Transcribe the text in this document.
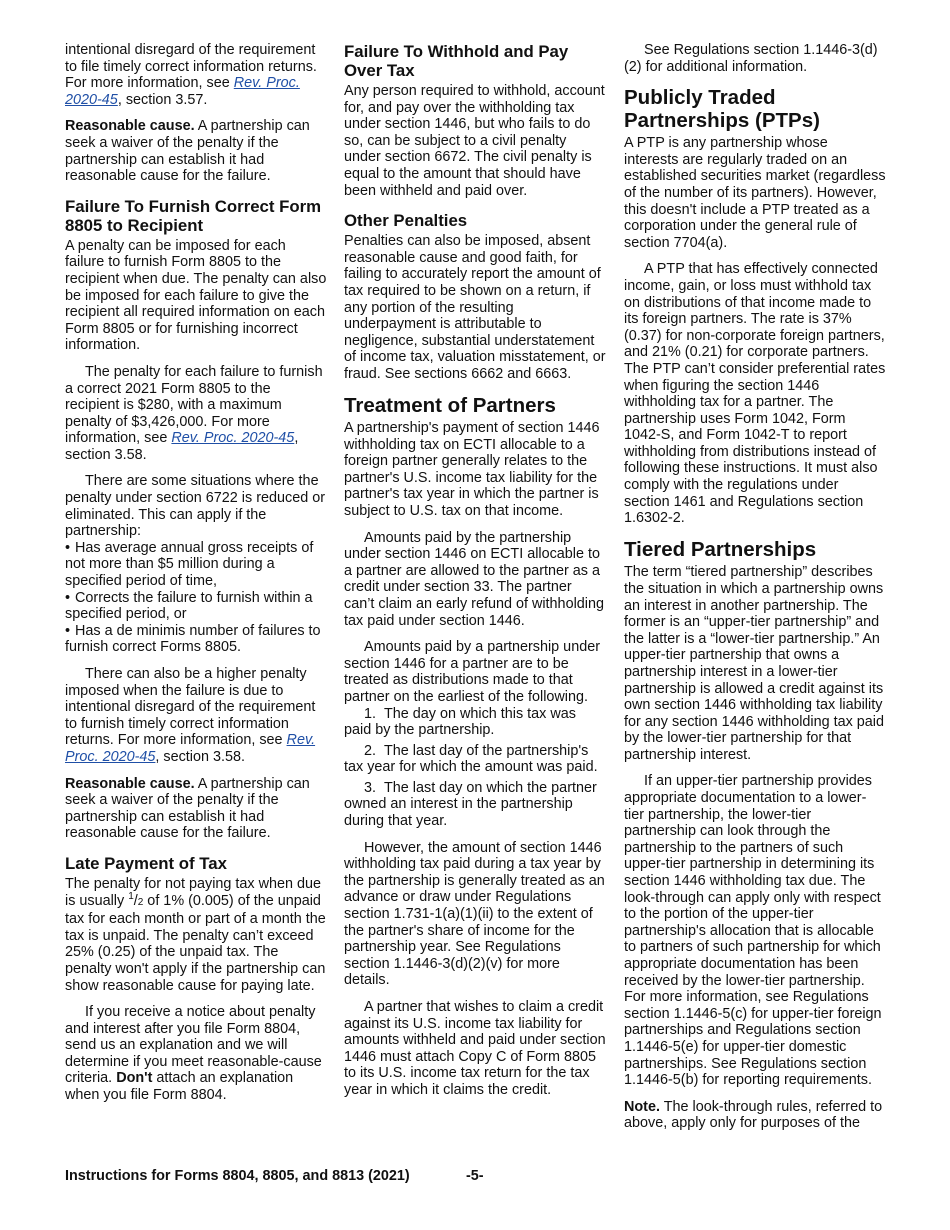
intentional disregard of the requirement to file timely correct information returns. For more information, see Rev. Proc. 2020-45, section 3.57.

Reasonable cause. A partnership can seek a waiver of the penalty if the partnership can establish it had reasonable cause for the failure.

Failure To Furnish Correct Form 8805 to Recipient

A penalty can be imposed for each failure to furnish Form 8805 to the recipient when due. The penalty can also be imposed for each failure to give the recipient all required information on each Form 8805 or for furnishing incorrect information.

The penalty for each failure to furnish a correct 2021 Form 8805 to the recipient is $280, with a maximum penalty of $3,426,000. For more information, see Rev. Proc. 2020-45, section 3.58.

There are some situations where the penalty under section 6722 is reduced or eliminated. This can apply if the partnership:

• Has average annual gross receipts of not more than $5 million during a specified period of time,
• Corrects the failure to furnish within a specified period, or
• Has a de minimis number of failures to furnish correct Forms 8805.

There can also be a higher penalty imposed when the failure is due to intentional disregard of the requirement to furnish timely correct information returns. For more information, see Rev. Proc. 2020-45, section 3.58.

Reasonable cause. A partnership can seek a waiver of the penalty if the partnership can establish it had reasonable cause for the failure.

Late Payment of Tax

The penalty for not paying tax when due is usually $^1$/2 of 1% (0.005) of the unpaid tax for each month or part of a month the tax is unpaid. The penalty can’t exceed 25% (0.25) of the unpaid tax. The penalty won't apply if the partnership can show reasonable cause for paying late.

If you receive a notice about penalty and interest after you file Form 8804, send us an explanation and we will determine if you meet reasonable-cause criteria. Don't attach an explanation when you file Form 8804.

Failure To Withhold and Pay Over Tax

Any person required to withhold, account for, and pay over the withholding tax under section 1446, but who fails to do so, can be subject to a civil penalty under section 6672. The civil penalty is equal to the amount that should have been withheld and paid over.

Other Penalties

Penalties can also be imposed, absent reasonable cause and good faith, for failing to accurately report the amount of tax required to be shown on a return, if any portion of the resulting underpayment is attributable to negligence, substantial understatement of income tax, valuation misstatement, or fraud. See sections 6662 and 6663.

Treatment of Partners

A partnership's payment of section 1446 withholding tax on ECTI allocable to a foreign partner generally relates to the partner's U.S. income tax liability for the partner's tax year in which the partner is subject to U.S. tax on that income.

Amounts paid by the partnership under section 1446 on ECTI allocable to a partner are allowed to the partner as a credit under section 33. The partner can’t claim an early refund of withholding tax paid under section 1446.

Amounts paid by a partnership under section 1446 for a partner are to be treated as distributions made to that partner on the earliest of the following.

1.  The day on which this tax was paid by the partnership.
2.  The last day of the partnership's tax year for which the amount was paid.
3.  The last day on which the partner owned an interest in the partnership during that year.

However, the amount of section 1446 withholding tax paid during a tax year by the partnership is generally treated as an advance or draw under Regulations section 1.731-1(a)(1)(ii) to the extent of the partner's share of income for the partnership year. See Regulations section 1.1446-3(d)(2)(v) for more details.

A partner that wishes to claim a credit against its U.S. income tax liability for amounts withheld and paid under section 1446 must attach Copy C of Form 8805 to its U.S. income tax return for the tax year in which it claims the credit.

See Regulations section 1.1446-3(d)(2) for additional information.

Publicly Traded Partnerships (PTPs)

A PTP is any partnership whose interests are regularly traded on an established securities market (regardless of the number of its partners). However, this doesn't include a PTP treated as a corporation under the general rule of section 7704(a).

A PTP that has effectively connected income, gain, or loss must withhold tax on distributions of that income made to its foreign partners. The rate is 37% (0.37) for non-corporate foreign partners, and 21% (0.21) for corporate partners. The PTP can’t consider preferential rates when figuring the section 1446 withholding tax for a partner. The partnership uses Form 1042, Form 1042-S, and Form 1042-T to report withholding from distributions instead of following these instructions. It must also comply with the regulations under section 1461 and Regulations section 1.6302-2.

Tiered Partnerships

The term “tiered partnership” describes the situation in which a partnership owns an interest in another partnership. The former is an “upper-tier partnership” and the latter is a “lower-tier partnership.” An upper-tier partnership that owns a partnership interest in a lower-tier partnership is allowed a credit against its own section 1446 withholding tax liability for any section 1446 withholding tax paid by the lower-tier partnership for that partnership interest.

If an upper-tier partnership provides appropriate documentation to a lower-tier partnership, the lower-tier partnership can look through the partnership to the partners of such upper-tier partnership in determining its section 1446 withholding tax due. The look-through can apply only with respect to the portion of the upper-tier partnership's allocation that is allocable to partners of such partnership for which appropriate documentation has been received by the lower-tier partnership. For more information, see Regulations section 1.1446-5(c) for upper-tier foreign partnerships and Regulations section 1.1446-5(e) for upper-tier domestic partnerships. See Regulations section 1.1446-5(b) for reporting requirements.

Note. The look-through rules, referred to above, apply only for purposes of the

Instructions for Forms 8804, 8805, and 8813 (2021)	-5-
